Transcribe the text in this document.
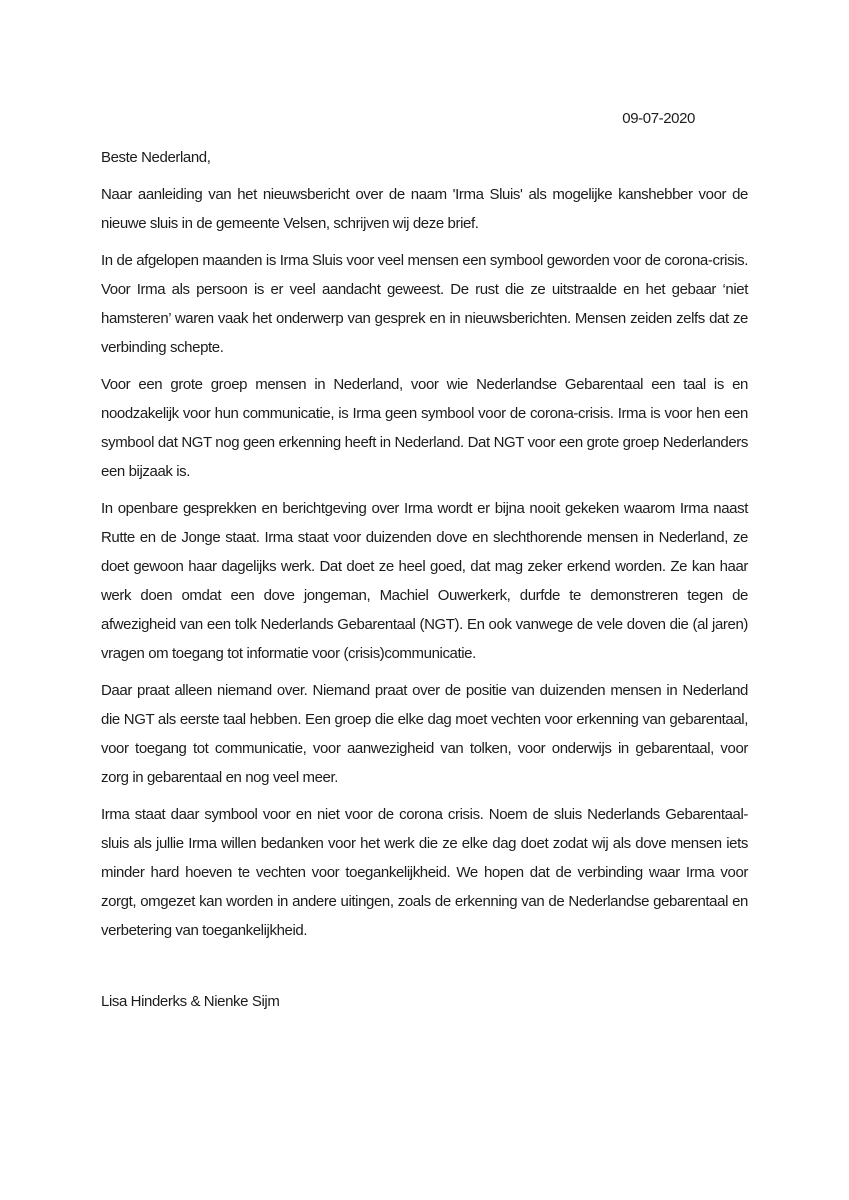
09-07-2020
Beste Nederland,
Naar aanleiding van het nieuwsbericht over de naam 'Irma Sluis' als mogelijke kanshebber voor de
nieuwe sluis in de gemeente Velsen, schrijven wij deze brief.
In de afgelopen maanden is Irma Sluis voor veel mensen een symbool geworden voor de corona-crisis.
Voor Irma als persoon is er veel aandacht geweest. De rust die ze uitstraalde en het gebaar ‘niet
hamsteren’ waren vaak het onderwerp van gesprek en in nieuwsberichten. Mensen zeiden zelfs dat ze
verbinding schepte.
Voor een grote groep mensen in Nederland, voor wie Nederlandse Gebarentaal een taal is en
noodzakelijk voor hun communicatie, is Irma geen symbool voor de corona-crisis. Irma is voor hen een
symbool dat NGT nog geen erkenning heeft in Nederland. Dat NGT voor een grote groep Nederlanders
een bijzaak is.
In openbare gesprekken en berichtgeving over Irma wordt er bijna nooit gekeken waarom Irma naast
Rutte en de Jonge staat. Irma staat voor duizenden dove en slechthorende mensen in Nederland, ze
doet gewoon haar dagelijks werk. Dat doet ze heel goed, dat mag zeker erkend worden. Ze kan haar
werk doen omdat een dove jongeman, Machiel Ouwerkerk, durfde te demonstreren tegen de
afwezigheid van een tolk Nederlands Gebarentaal (NGT). En ook vanwege de vele doven die (al jaren)
vragen om toegang tot informatie voor (crisis)communicatie.
Daar praat alleen niemand over. Niemand praat over de positie van duizenden mensen in Nederland
die NGT als eerste taal hebben. Een groep die elke dag moet vechten voor erkenning van gebarentaal,
voor toegang tot communicatie, voor aanwezigheid van tolken, voor onderwijs in gebarentaal, voor
zorg in gebarentaal en nog veel meer.
Irma staat daar symbool voor en niet voor de corona crisis. Noem de sluis Nederlands Gebarentaal-
sluis als jullie Irma willen bedanken voor het werk die ze elke dag doet zodat wij als dove mensen iets
minder hard hoeven te vechten voor toegankelijkheid. We hopen dat de verbinding waar Irma voor
zorgt, omgezet kan worden in andere uitingen, zoals de erkenning van de Nederlandse gebarentaal en
verbetering van toegankelijkheid.
Lisa Hinderks & Nienke Sijm
